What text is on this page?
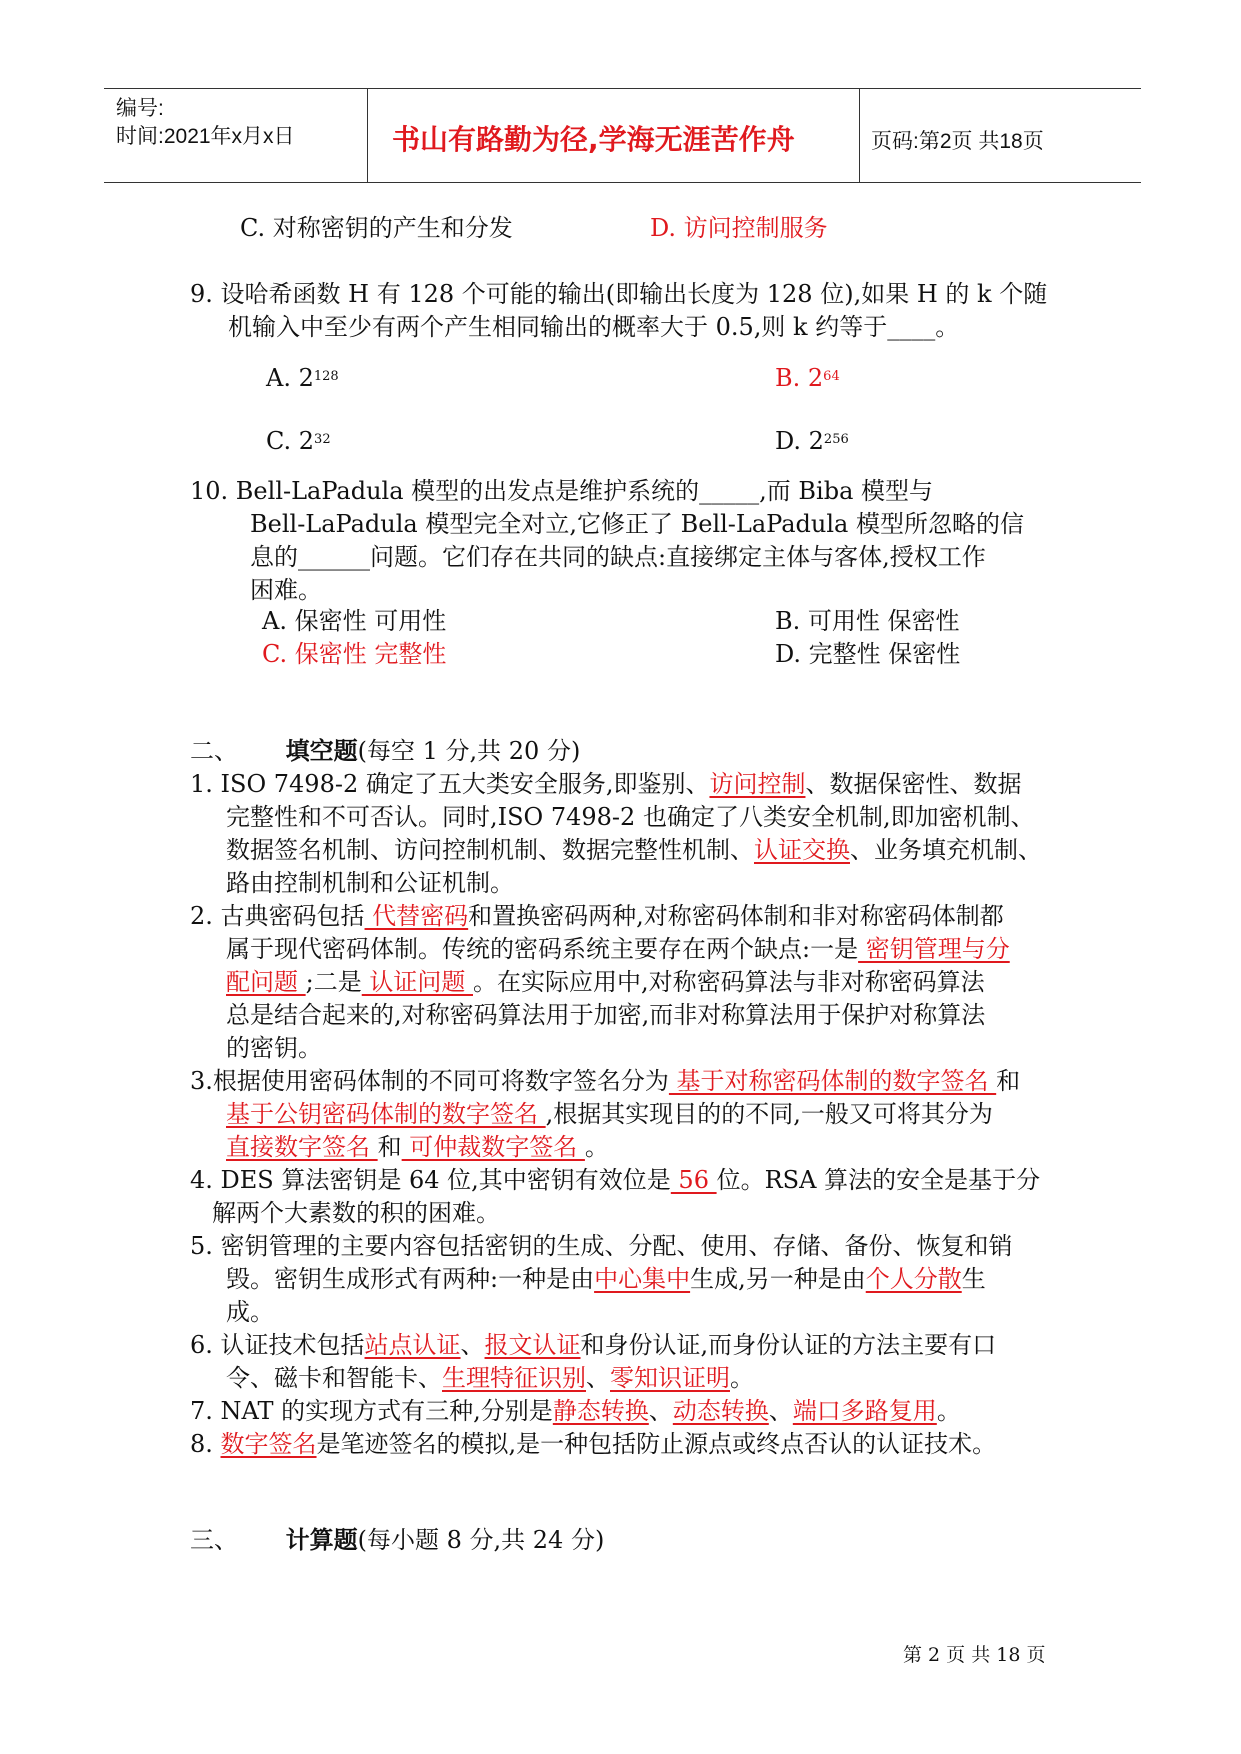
编号:
时间:2021年x月x日	书山有路勤为径,学海无涯苦作舟	页码:第2页 共18页
C. 对称密钥的产生和分发	D. 访问控制服务
9. 设哈希函数 H 有 128 个可能的输出(即输出长度为 128 位),如果 H 的 k 个随
机输入中至少有两个产生相同输出的概率大于 0.5,则 k 约等于____。
A. $2^{128}$	B. $2^{64}$
C. $2^{32}$	D. $2^{256}$
10. Bell-LaPadula 模型的出发点是维护系统的_____,而 Biba 模型与
Bell-LaPadula 模型完全对立,它修正了 Bell-LaPadula 模型所忽略的信
息的______问题。它们存在共同的缺点:直接绑定主体与客体,授权工作
困难。
A. 保密性 可用性	B. 可用性 保密性
C. 保密性 完整性	D. 完整性 保密性
二、 填空题(每空 1 分,共 20 分)
1. ISO 7498-2 确定了五大类安全服务,即鉴别、访问控制、数据保密性、数据
完整性和不可否认。同时,ISO 7498-2 也确定了八类安全机制,即加密机制、
数据签名机制、访问控制机制、数据完整性机制、认证交换、业务填充机制、
路由控制机制和公证机制。
2. 古典密码包括 代替密码和置换密码两种,对称密码体制和非对称密码体制都
属于现代密码体制。传统的密码系统主要存在两个缺点:一是 密钥管理与分
配问题 ;二是 认证问题 。在实际应用中,对称密码算法与非对称密码算法
总是结合起来的,对称密码算法用于加密,而非对称算法用于保护对称算法
的密钥。
3.根据使用密码体制的不同可将数字签名分为 基于对称密码体制的数字签名 和
基于公钥密码体制的数字签名 ,根据其实现目的的不同,一般又可将其分为
直接数字签名 和 可仲裁数字签名 。
4. DES 算法密钥是 64 位,其中密钥有效位是 56 位。RSA 算法的安全是基于分
解两个大素数的积的困难。
5. 密钥管理的主要内容包括密钥的生成、分配、使用、存储、备份、恢复和销
毁。密钥生成形式有两种:一种是由中心集中生成,另一种是由个人分散生
成。
6. 认证技术包括站点认证、报文认证和身份认证,而身份认证的方法主要有口
令、磁卡和智能卡、生理特征识别、零知识证明。
7. NAT 的实现方式有三种,分别是静态转换、动态转换、端口多路复用。
8. 数字签名是笔迹签名的模拟,是一种包括防止源点或终点否认的认证技术。
三、 计算题(每小题 8 分,共 24 分)
第 2 页 共 18 页
